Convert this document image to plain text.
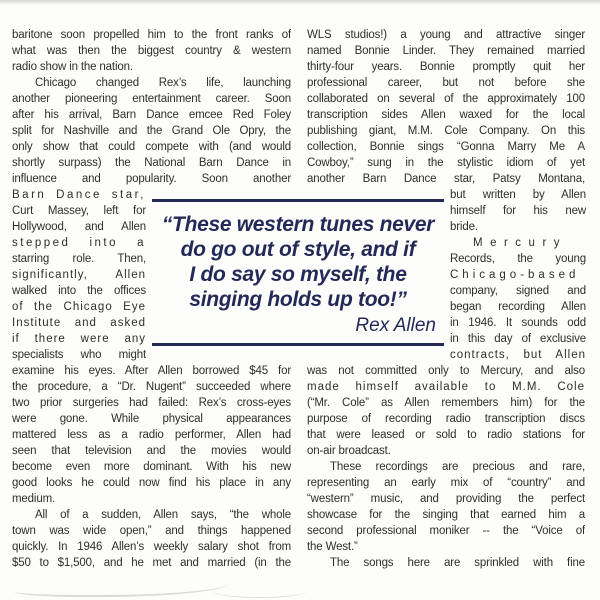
baritone soon propelled him to the front ranks of
what was then the biggest country & western
radio show in the nation.
Chicago changed Rex’s life, launching
another pioneering entertainment career. Soon
after his arrival, Barn Dance emcee Red Foley
split for Nashville and the Grand Ole Opry, the
only show that could compete with (and would
shortly surpass) the National Barn Dance in
influence and popularity. Soon another
Barn Dance star,
Curt Massey, left for
Hollywood, and Allen
stepped into a
starring role. Then,
significantly, Allen
walked into the offices
of the Chicago Eye
Institute and asked
if there were any
specialists who might
examine his eyes. After Allen borrowed $45 for
the procedure, a “Dr. Nugent” succeeded where
two prior surgeries had failed: Rex’s cross-eyes
were gone. While physical appearances
mattered less as a radio performer, Allen had
seen that television and the movies would
become even more dominant. With his new
good looks he could now find his place in any
medium.
All of a sudden, Allen says, “the whole
town was wide open,” and things happened
quickly. In 1946 Allen’s weekly salary shot from
$50 to $1,500, and he met and married (in the
WLS studios!) a young and attractive singer
named Bonnie Linder. They remained married
thirty-four years. Bonnie promptly quit her
professional career, but not before she
collaborated on several of the approximately 100
transcription sides Allen waxed for the local
publishing giant, M.M. Cole Company. On this
collection, Bonnie sings “Gonna Marry Me A
Cowboy,” sung in the stylistic idiom of yet
another Barn Dance star, Patsy Montana,
but written by Allen
himself for his new
bride.
Mercury
Records, the young
Chicago-based
company, signed and
began recording Allen
in 1946. It sounds odd
in this day of exclusive
contracts, but Allen
was not committed only to Mercury, and also
made himself available to M.M. Cole
(“Mr. Cole” as Allen remembers him) for the
purpose of recording radio transcription discs
that were leased or sold to radio stations for
on-air broadcast.
These recordings are precious and rare,
representing an early mix of “country” and
“western” music, and providing the perfect
showcase for the singing that earned him a
second professional moniker -- the “Voice of
the West.”
The songs here are sprinkled with fine
“These western tunes never
do go out of style, and if
I do say so myself, the
singing holds up too!”
Rex Allen
